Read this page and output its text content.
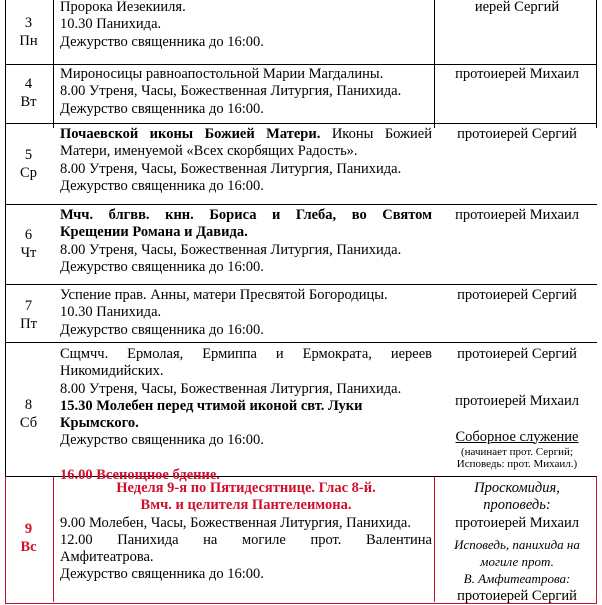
3
Пн

Пророка Иезекииля.

10.30 Панихида.

Дежурство священника до 16:00.

иерей Сергий

4
Вт

Мироносицы равноапостольной Марии Магдалины.

8.00 Утреня, Часы, Божественная Литургия, Панихида.

Дежурство священника до 16:00.

протоиерей Михаил

5
Ср

Почаевской иконы Божией Матери. Иконы Божией

Матери, именуемой «Всех скорбящих Радость».

8.00 Утреня, Часы, Божественная Литургия, Панихида.

Дежурство священника до 16:00.

протоиерей Сергий

6
Чт

Мчч. блгвв. кнн. Бориса и Глеба, во Святом

Крещении Романа и Давида.

8.00 Утреня, Часы, Божественная Литургия, Панихида.

Дежурство священника до 16:00.

протоиерей Михаил

7
Пт

Успение прав. Анны, матери Пресвятой Богородицы.

10.30 Панихида.

Дежурство священника до 16:00.

протоиерей Сергий

8
Сб

Сщмчч. Ермолая, Ермиппа и Ермократа, иереев

Никомидийских.

8.00 Утреня, Часы, Божественная Литургия, Панихида.

15.30 Молебен перед чтимой иконой свт. Луки Крымского.

Дежурство священника до 16:00.

16.00 Всенощное бдение.

протоиерей Сергий

протоиерей Михаил

Соборное служение

(начинает прот. Сергий;

Исповедь: прот. Михаил.)

9
Вс

Неделя 9-я по Пятидесятнице. Глас 8-й.

Вмч. и целителя Пантелеимона.

9.00 Молебен, Часы, Божественная Литургия, Панихида.

12.00 Панихида на могиле прот. Валентина

Амфитеатрова.

Дежурство священника до 16:00.

Проскомидия,

проповедь:

протоиерей Михаил

Исповедь, панихида на

могиле прот.

В. Амфитеатрова:

протоиерей Сергий
